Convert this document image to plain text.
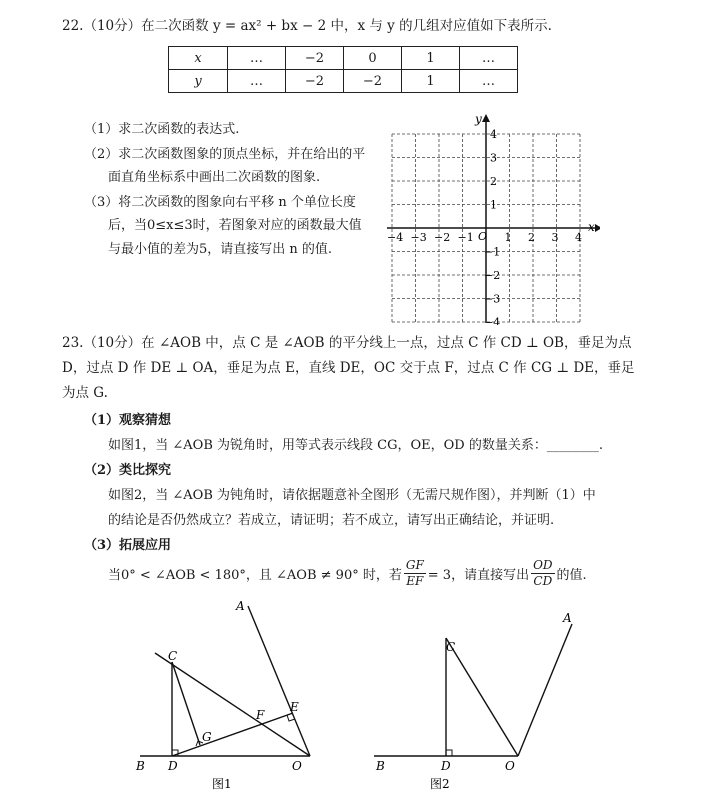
22.（10分）在二次函数 y = ax² + bx − 2 中，x 与 y 的几组对应值如下表所示.
x	…	−2	0	1	…
y	…	−2	−2	1	…
（1）求二次函数的表达式.
（2）求二次函数图象的顶点坐标，并在给出的平
面直角坐标系中画出二次函数的图象.
（3）将二次函数的图象向右平移 n 个单位长度
后，当0≤x≤3时，若图象对应的函数最大值
与最小值的差为5，请直接写出 n 的值.
x
y
O
−4 −3 −2 −1	1 2 3 4
4
3
2
1
−1
−2
−3
−4
23.（10分）在 ∠AOB 中，点 C 是 ∠AOB 的平分线上一点，过点 C 作 CD ⊥ OB，垂足为点
D，过点 D 作 DE ⊥ OA，垂足为点 E，直线 DE，OC 交于点 F，过点 C 作 CG ⊥ DE，垂足
为点 G.
（1）观察猜想
如图1，当 ∠AOB 为锐角时，用等式表示线段 CG，OE，OD 的数量关系：________.
（2）类比探究
如图2，当 ∠AOB 为钝角时，请依据题意补全图形（无需尺规作图），并判断（1）中
的结论是否仍然成立？若成立，请证明；若不成立，请写出正确结论，并证明.
（3）拓展应用
当0° < ∠AOB < 180°，且 ∠AOB ≠ 90° 时，若 $\frac{GF}{EF} = 3$，请直接写出 $\frac{OD}{CD}$ 的值.
A
B
C
D
E
F
G
O
图1
A
B
C
D	O
图2
